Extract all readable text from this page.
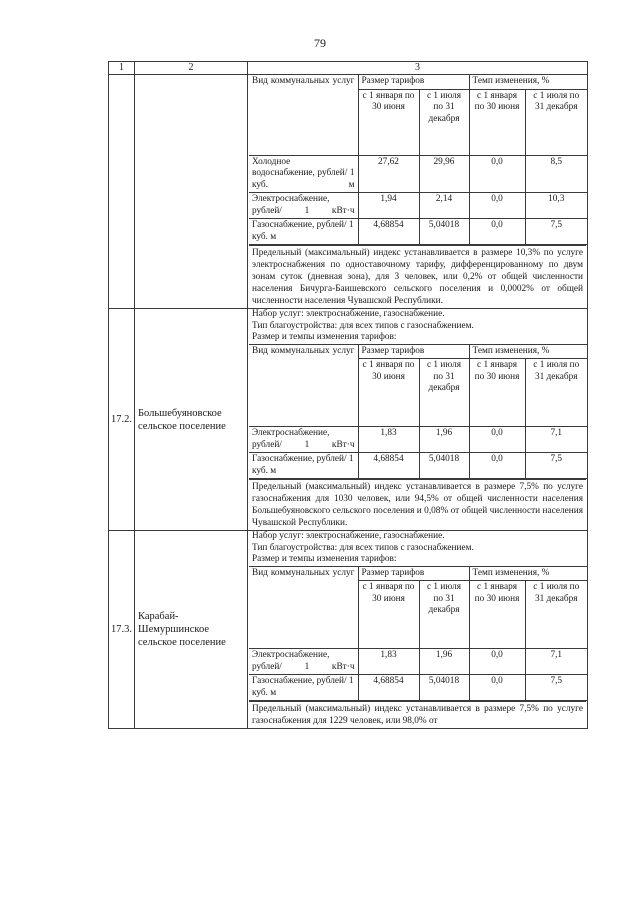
79
1	2	3

Вид коммунальных услуг	Размер тарифов	Темп изменения, %
с 1 января по 30 июня	с 1 июля по 31 декабря	с 1 января по 30 июня	с 1 июля по 31 декабря
Холодное водоснабжение, рублей/ 1 куб. м	27,62	29,96	0,0	8,5
Электроснабжение, рублей/ 1 кВт·ч	1,94	2,14	0,0	10,3
Газоснабжение, рублей/ 1 куб. м	4,68854	5,04018	0,0	7,5
Предельный (максимальный) индекс устанавливается в размере 10,3% по услуге электроснабжения по одноставочному тарифу, дифференцированному по двум зонам суток (дневная зона), для 3 человек, или 0,2% от общей численности населения Бичурга-Баишевского сельского поселения и 0,0002% от общей численности населения Чувашской Республики.

17.2.	Большебуяновское сельское поселение	
Набор услуг: электроснабжение, газоснабжение.
Тип благоустройства: для всех типов с газоснабжением.
Размер и темпы изменения тарифов:
Вид коммунальных услуг	Размер тарифов	Темп изменения, %
с 1 января по 30 июня	с 1 июля по 31 декабря	с 1 января по 30 июня	с 1 июля по 31 декабря
Электроснабжение, рублей/ 1 кВт·ч	1,83	1,96	0,0	7,1
Газоснабжение, рублей/ 1 куб. м	4,68854	5,04018	0,0	7,5
Предельный (максимальный) индекс устанавливается в размере 7,5% по услуге газоснабжения для 1030 человек, или 94,5% от общей численности населения Большебуяновского сельского поселения и 0,08% от общей численности населения Чувашской Республики.

17.3.	Карабай-Шемуршинское сельское поселение	
Набор услуг: электроснабжение, газоснабжение.
Тип благоустройства: для всех типов с газоснабжением.
Размер и темпы изменения тарифов:
Вид коммунальных услуг	Размер тарифов	Темп изменения, %
с 1 января по 30 июня	с 1 июля по 31 декабря	с 1 января по 30 июня	с 1 июля по 31 декабря
Электроснабжение, рублей/ 1 кВт·ч	1,83	1,96	0,0	7,1
Газоснабжение, рублей/ 1 куб. м	4,68854	5,04018	0,0	7,5
Предельный (максимальный) индекс устанавливается в размере 7,5% по услуге газоснабжения для 1229 человек, или 98,0% от
